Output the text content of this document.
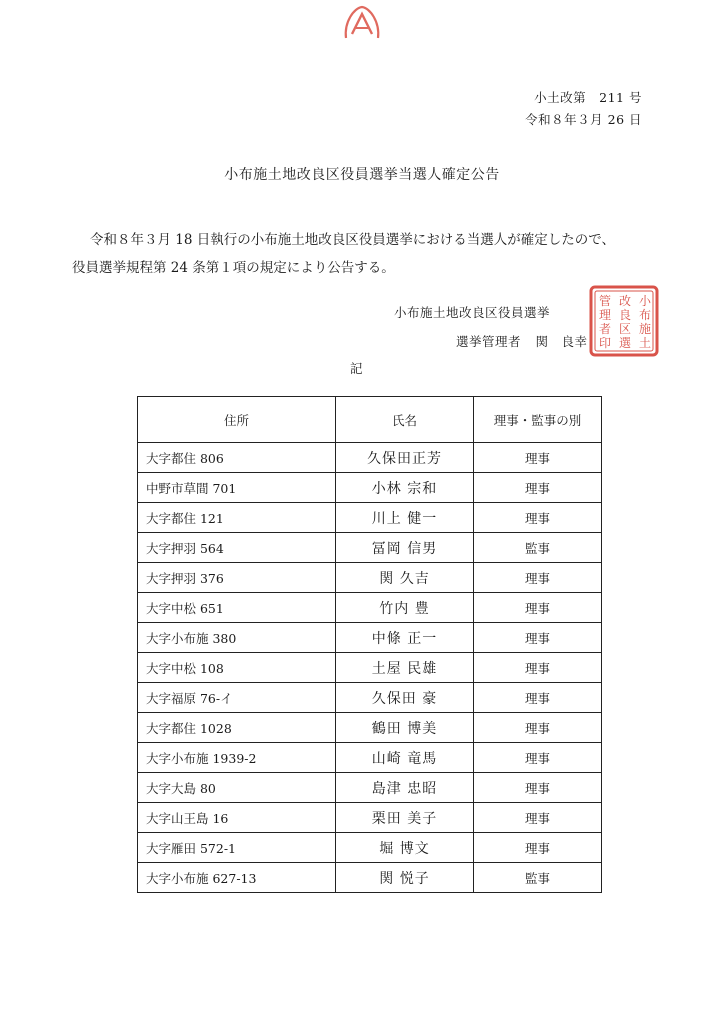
小土改第　211 号
令和８年３月 26 日
小布施土地改良区役員選挙当選人確定公告
令和８年３月 18 日執行の小布施土地改良区役員選挙における当選人が確定したので、
役員選挙規程第 24 条第１項の規定により公告する。
小布施土地改良区役員選挙
選挙管理者 関　良幸
小
布
施
土
改
良
区
選
管
理
者
印
記
住所	氏名	理事・監事の別
大字都住 806	久保田正芳	理事
中野市草間 701	小林 宗和	理事
大字都住 121	川上 健一	理事
大字押羽 564	冨岡 信男	監事
大字押羽 376	関 久吉	理事
大字中松 651	竹内 豊	理事
大字小布施 380	中條 正一	理事
大字中松 108	土屋 民雄	理事
大字福原 76-イ	久保田 豪	理事
大字都住 1028	鶴田 博美	理事
大字小布施 1939-2	山崎 竜馬	理事
大字大島 80	島津 忠昭	理事
大字山王島 16	栗田 美子	理事
大字雁田 572-1	堀 博文	理事
大字小布施 627-13	関 悦子	監事
